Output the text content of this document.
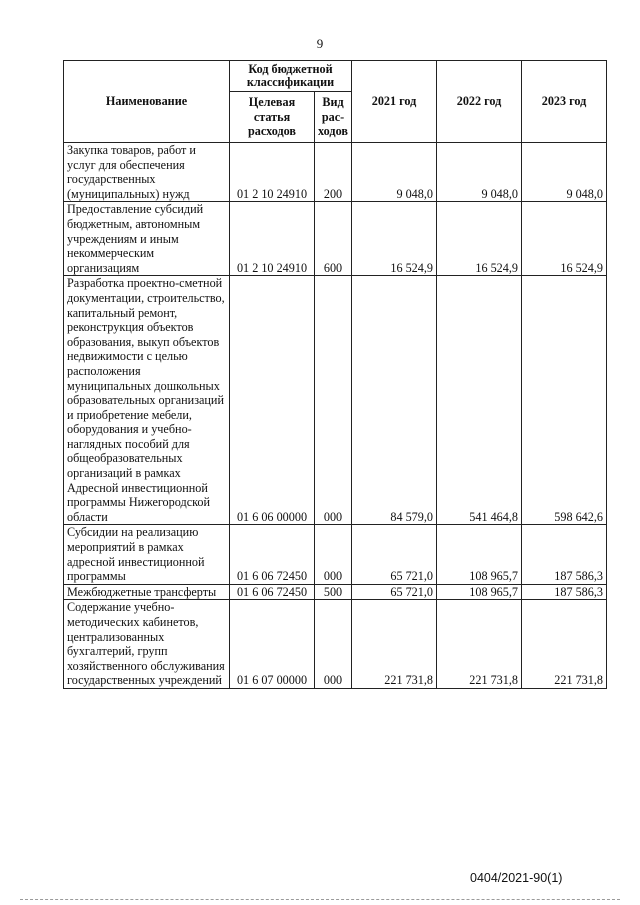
9
Наименование	Код бюджетной классификации		2021 год	2022 год	2023 год
	Целевая статья расходов	Вид рас-ходов			
Закупка товаров, работ и услуг для обеспечения государственных (муниципальных) нужд	01 2 10 24910	200	9 048,0	9 048,0	9 048,0
Предоставление субсидий бюджетным, автономным учреждениям и иным некоммерческим организациям	01 2 10 24910	600	16 524,9	16 524,9	16 524,9
Разработка проектно-сметной документации, строительство, капитальный ремонт, реконструкция объектов образования, выкуп объектов недвижимости с целью расположения муниципальных дошкольных образовательных организаций и приобретение мебели, оборудования и учебно-наглядных пособий для общеобразовательных организаций в рамках Адресной инвестиционной программы Нижегородской области	01 6 06 00000	000	84 579,0	541 464,8	598 642,6
Субсидии на реализацию мероприятий в рамках адресной инвестиционной программы	01 6 06 72450	000	65 721,0	108 965,7	187 586,3
Межбюджетные трансферты	01 6 06 72450	500	65 721,0	108 965,7	187 586,3
Содержание учебно-методических кабинетов, централизованных бухгалтерий, групп хозяйственного обслуживания государственных учреждений	01 6 07 00000	000	221 731,8	221 731,8	221 731,8
0404/2021-90(1)
